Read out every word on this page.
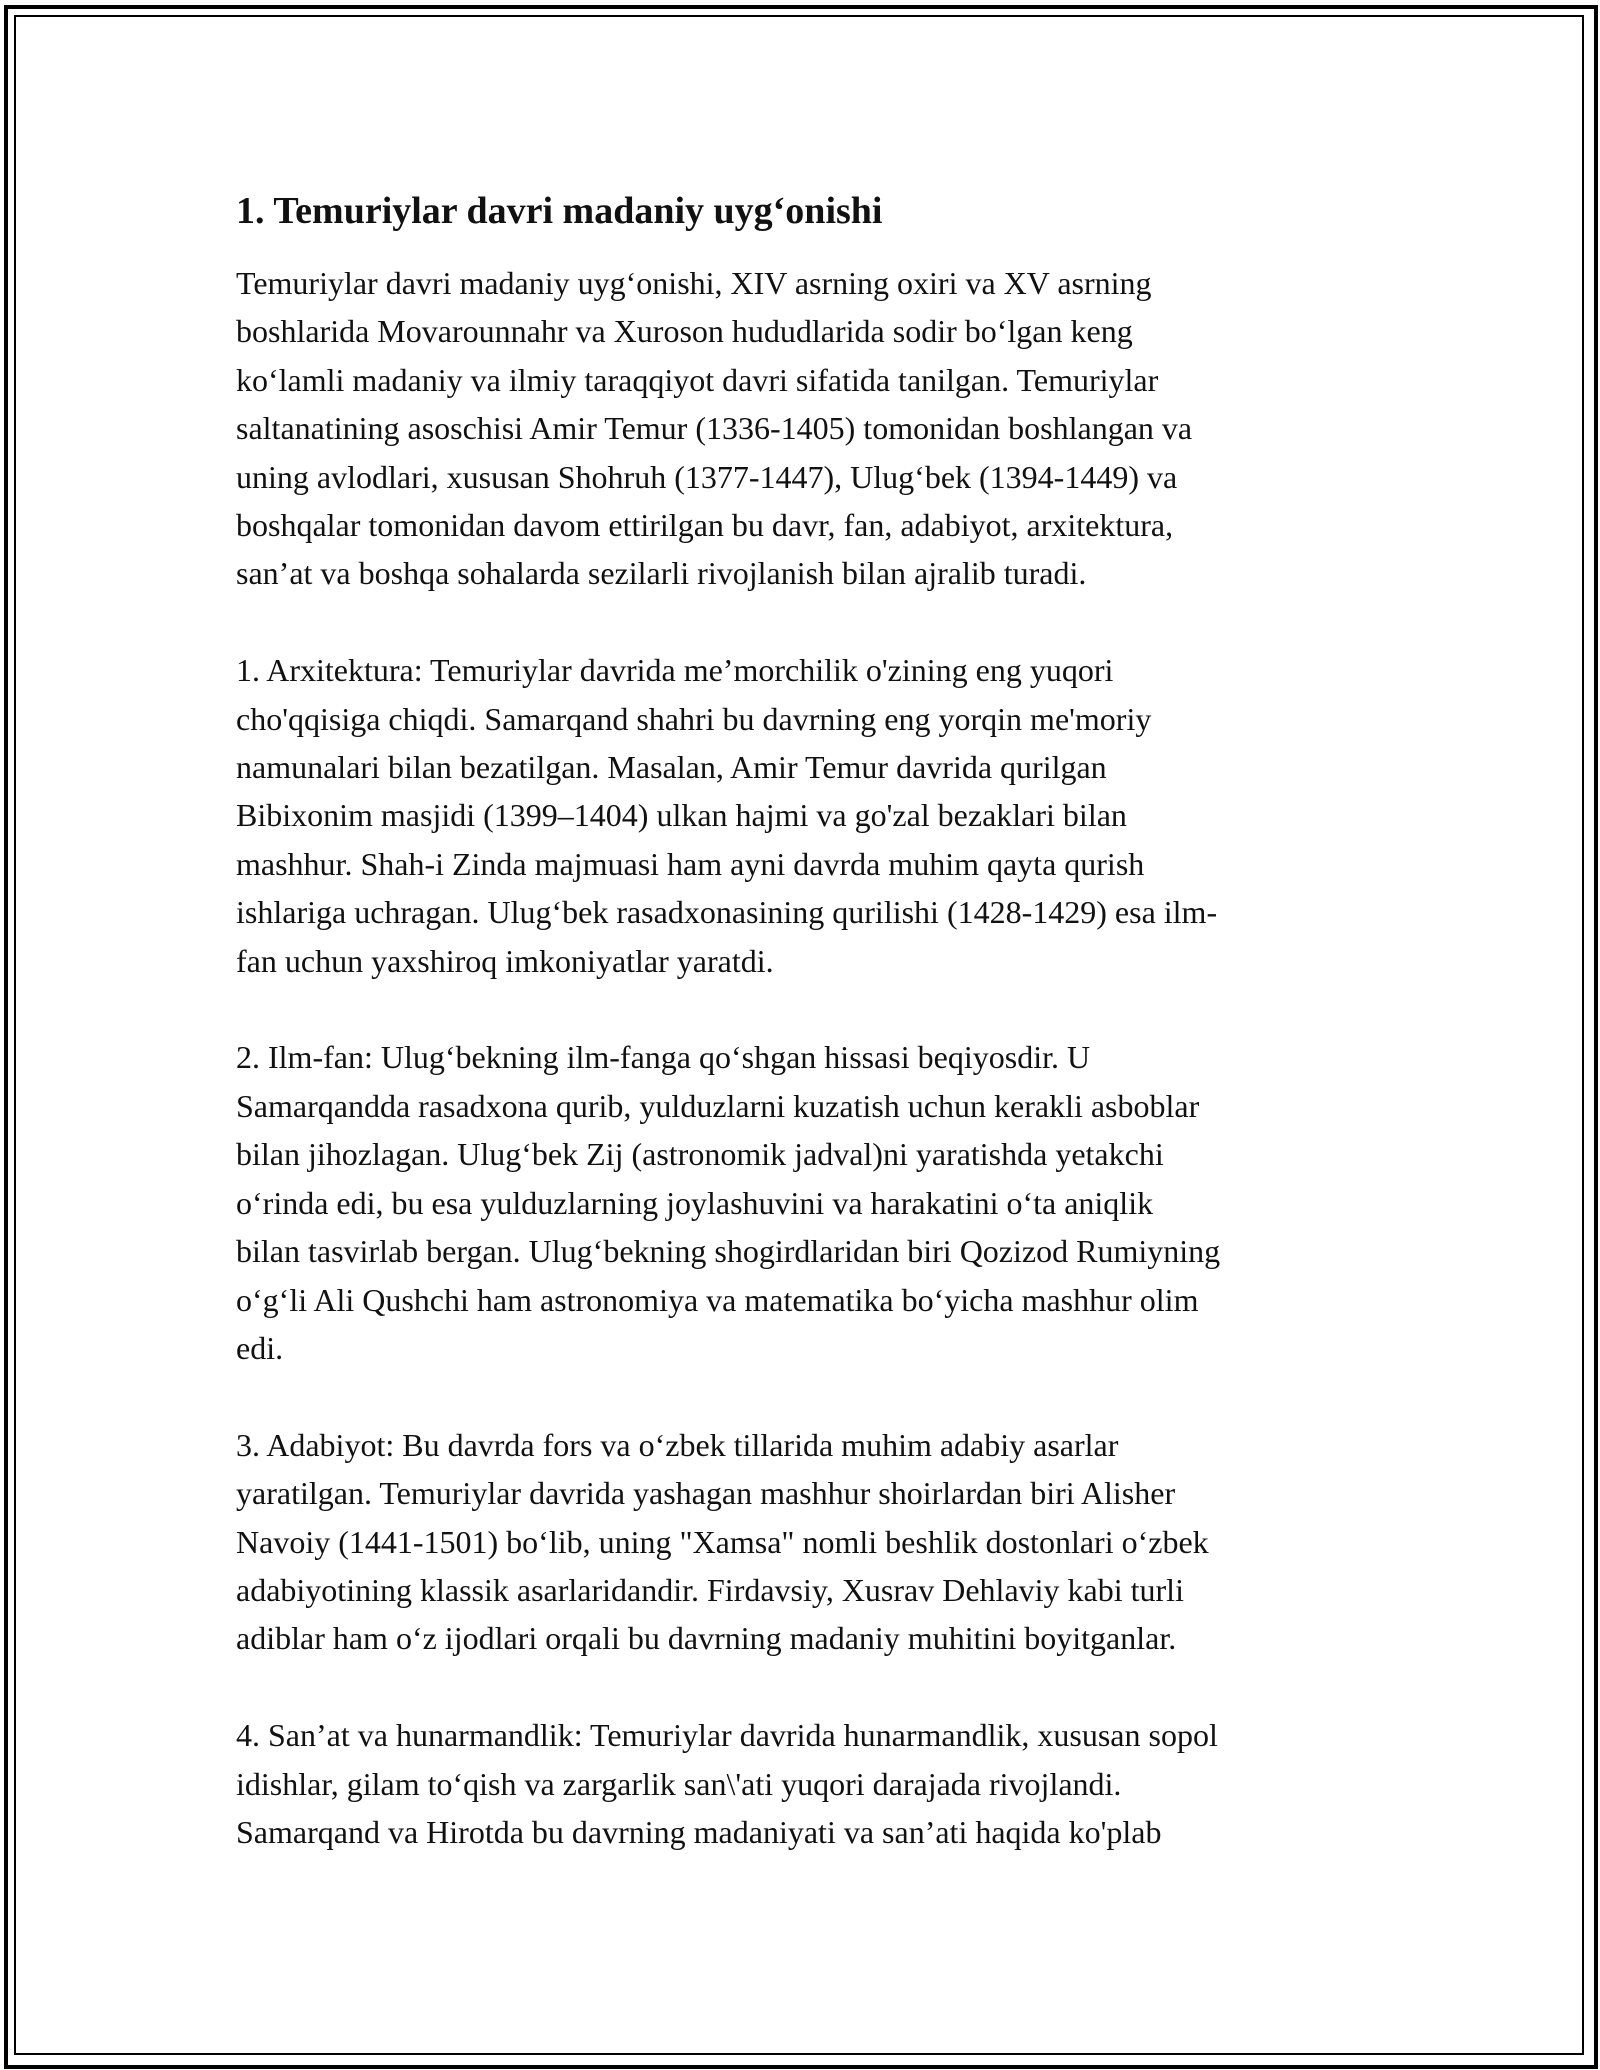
1. Temuriylar davri madaniy uyg‘onishi
Temuriylar davri madaniy uyg‘onishi, XIV asrning oxiri va XV asrning
boshlarida Movarounnahr va Xuroson hududlarida sodir bo‘lgan keng
ko‘lamli madaniy va ilmiy taraqqiyot davri sifatida tanilgan. Temuriylar
saltanatining asoschisi Amir Temur (1336-1405) tomonidan boshlangan va
uning avlodlari, xususan Shohruh (1377-1447), Ulug‘bek (1394-1449) va
boshqalar tomonidan davom ettirilgan bu davr, fan, adabiyot, arxitektura,
san’at va boshqa sohalarda sezilarli rivojlanish bilan ajralib turadi.
1. Arxitektura: Temuriylar davrida me’morchilik o'zining eng yuqori
cho'qqisiga chiqdi. Samarqand shahri bu davrning eng yorqin me'moriy
namunalari bilan bezatilgan. Masalan, Amir Temur davrida qurilgan
Bibixonim masjidi (1399–1404) ulkan hajmi va go'zal bezaklari bilan
mashhur. Shah-i Zinda majmuasi ham ayni davrda muhim qayta qurish
ishlariga uchragan. Ulug‘bek rasadxonasining qurilishi (1428-1429) esa ilm-
fan uchun yaxshiroq imkoniyatlar yaratdi.
2. Ilm-fan: Ulug‘bekning ilm-fanga qo‘shgan hissasi beqiyosdir. U
Samarqandda rasadxona qurib, yulduzlarni kuzatish uchun kerakli asboblar
bilan jihozlagan. Ulug‘bek Zij (astronomik jadval)ni yaratishda yetakchi
o‘rinda edi, bu esa yulduzlarning joylashuvini va harakatini o‘ta aniqlik
bilan tasvirlab bergan. Ulug‘bekning shogirdlaridan biri Qozizod Rumiyning
o‘g‘li Ali Qushchi ham astronomiya va matematika bo‘yicha mashhur olim
edi.
3. Adabiyot: Bu davrda fors va o‘zbek tillarida muhim adabiy asarlar
yaratilgan. Temuriylar davrida yashagan mashhur shoirlardan biri Alisher
Navoiy (1441-1501) bo‘lib, uning "Xamsa" nomli beshlik dostonlari o‘zbek
adabiyotining klassik asarlaridandir. Firdavsiy, Xusrav Dehlaviy kabi turli
adiblar ham o‘z ijodlari orqali bu davrning madaniy muhitini boyitganlar.
4. San’at va hunarmandlik: Temuriylar davrida hunarmandlik, xususan sopol
idishlar, gilam to‘qish va zargarlik san\'ati yuqori darajada rivojlandi.
Samarqand va Hirotda bu davrning madaniyati va san’ati haqida ko'plab
